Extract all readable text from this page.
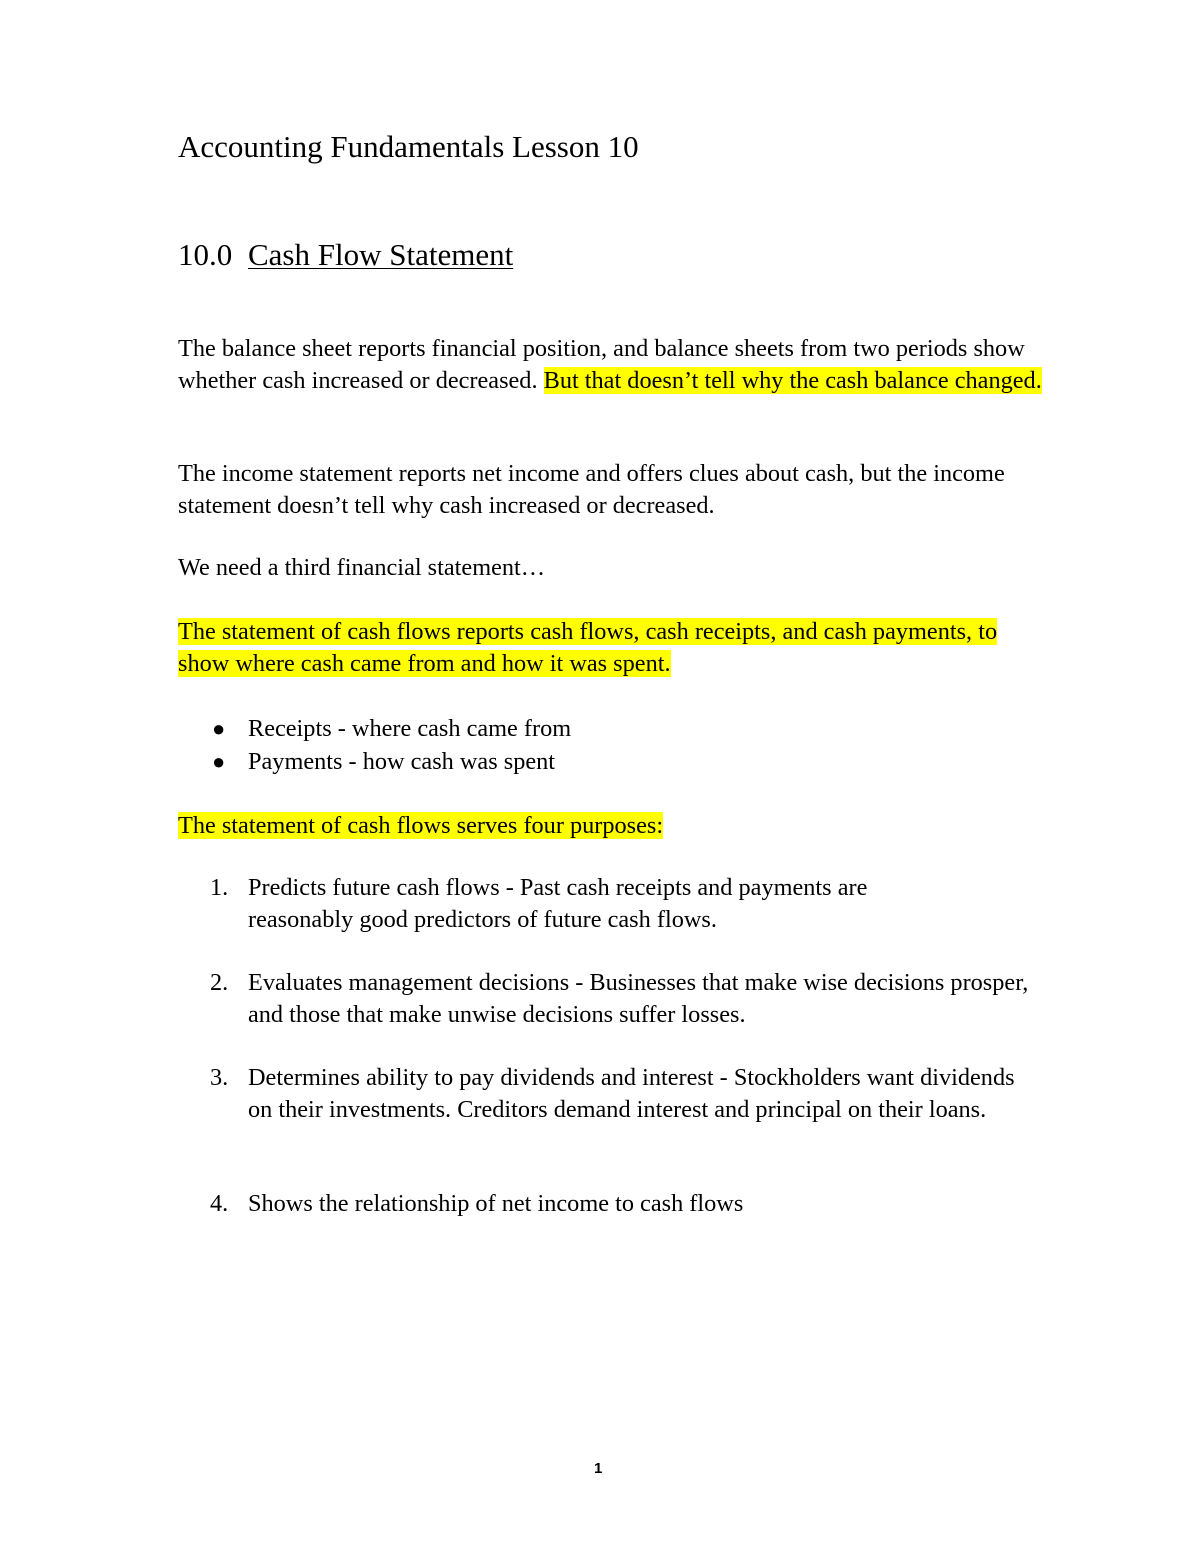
Accounting Fundamentals Lesson 10
10.0 Cash Flow Statement

The balance sheet reports financial position, and balance sheets from two periods show whether cash increased or decreased. But that doesn’t tell why the cash balance changed.

The income statement reports net income and offers clues about cash, but the income statement doesn’t tell why cash increased or decreased.

We need a third financial statement…

The statement of cash flows reports cash flows, cash receipts, and cash payments, to show where cash came from and how it was spent.

● Receipts - where cash came from
● Payments - how cash was spent

The statement of cash flows serves four purposes:

1. Predicts future cash flows - Past cash receipts and payments are reasonably good predictors of future cash flows.
2. Evaluates management decisions - Businesses that make wise decisions prosper, and those that make unwise decisions suffer losses.
3. Determines ability to pay dividends and interest - Stockholders want dividends on their investments. Creditors demand interest and principal on their loans.
4. Shows the relationship of net income to cash flows
1
